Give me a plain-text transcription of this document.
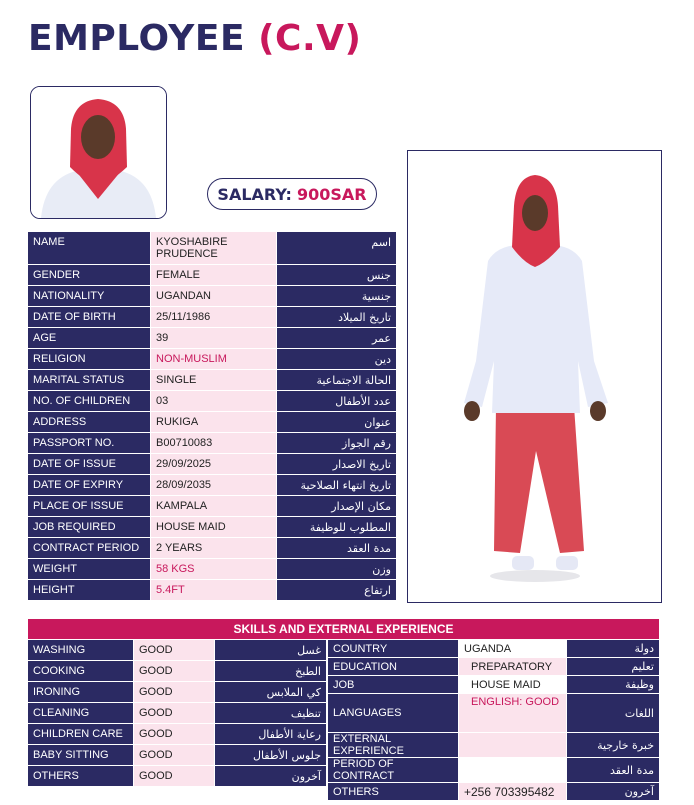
EMPLOYEE (C.V)
SALARY: 900SAR
NAME	KYOSHABIRE PRUDENCE	اسم
GENDER	FEMALE	جنس
NATIONALITY	UGANDAN	جنسية
DATE OF BIRTH	25/11/1986	تاريخ الميلاد
AGE	39	عمر
RELIGION	NON-MUSLIM	دين
MARITAL STATUS	SINGLE	الحالة الاجتماعية
NO. OF CHILDREN	03	عدد الأطفال
ADDRESS	RUKIGA	عنوان
PASSPORT NO.	B00710083	رقم الجواز
DATE OF ISSUE	29/09/2025	تاريخ الاصدار
DATE OF EXPIRY	28/09/2035	تاريخ انتهاء الصلاحية
PLACE OF ISSUE	KAMPALA	مكان الإصدار
JOB REQUIRED	HOUSE MAID	المطلوب للوظيفة
CONTRACT PERIOD	2 YEARS	مدة العقد
WEIGHT	58 KGS	وزن
HEIGHT	5.4FT	ارتفاع
SKILLS AND EXTERNAL EXPERIENCE
WASHING	GOOD	غسل
COOKING	GOOD	الطبخ
IRONING	GOOD	كي الملابس
CLEANING	GOOD	تنظيف
CHILDREN CARE	GOOD	رعاية الأطفال
BABY SITTING	GOOD	جلوس الأطفال
OTHERS	GOOD	آخرون
COUNTRY	UGANDA	دولة
EDUCATION	PREPARATORY	تعليم
JOB	HOUSE MAID	وظيفة
LANGUAGES	ENGLISH: GOOD	اللغات
EXTERNAL EXPERIENCE		خبرة خارجية
PERIOD OF CONTRACT		مدة العقد
OTHERS	+256 703395482	آخرون
